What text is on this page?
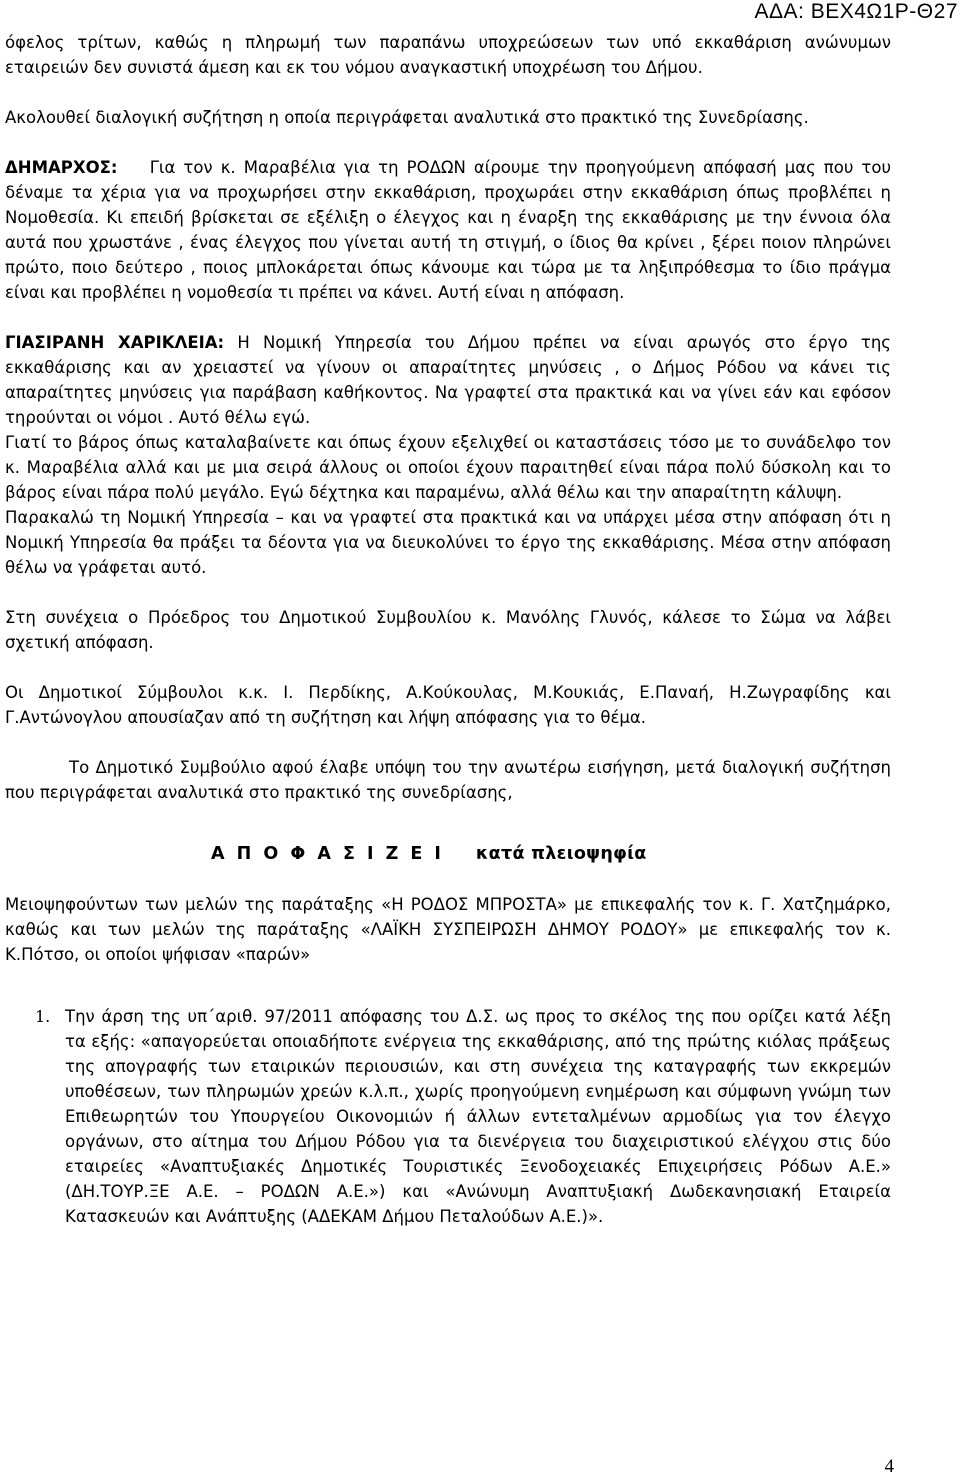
ΑΔΑ: ΒΕΧ4Ω1Ρ-Θ27

όφελος τρίτων, καθώς η πληρωμή των παραπάνω υποχρεώσεων των υπό εκκαθάριση ανώνυμων εταιρειών δεν συνιστά άμεση και εκ του νόμου αναγκαστική υποχρέωση του Δήμου.

Ακολουθεί διαλογική συζήτηση η οποία περιγράφεται αναλυτικά στο πρακτικό της Συνεδρίασης.

ΔΗΜΑΡΧΟΣ: Για τον κ. Μαραβέλια για τη ΡΟΔΩΝ αίρουμε την προηγούμενη απόφασή μας που του δέναμε τα χέρια για να προχωρήσει στην εκκαθάριση, προχωράει στην εκκαθάριση όπως προβλέπει η Νομοθεσία. Κι επειδή βρίσκεται σε εξέλιξη ο έλεγχος και η έναρξη της εκκαθάρισης με την έννοια όλα αυτά που χρωστάνε , ένας έλεγχος που γίνεται αυτή τη στιγμή, ο ίδιος θα κρίνει , ξέρει ποιον πληρώνει πρώτο, ποιο δεύτερο , ποιος μπλοκάρεται όπως κάνουμε και τώρα με τα ληξιπρόθεσμα το ίδιο πράγμα είναι και προβλέπει η νομοθεσία τι πρέπει να κάνει. Αυτή είναι η απόφαση.

ΓΙΑΣΙΡΑΝΗ ΧΑΡΙΚΛΕΙΑ: Η Νομική Υπηρεσία του Δήμου πρέπει να είναι αρωγός στο έργο της εκκαθάρισης και αν χρειαστεί να γίνουν οι απαραίτητες μηνύσεις , ο Δήμος Ρόδου να κάνει τις απαραίτητες μηνύσεις για παράβαση καθήκοντος. Να γραφτεί στα πρακτικά και να γίνει εάν και εφόσον τηρούνται οι νόμοι . Αυτό θέλω εγώ.

Γιατί το βάρος όπως καταλαβαίνετε και όπως έχουν εξελιχθεί οι καταστάσεις τόσο με το συνάδελφο τον κ. Μαραβέλια αλλά και με μια σειρά άλλους οι οποίοι έχουν παραιτηθεί είναι πάρα πολύ δύσκολη και το βάρος είναι πάρα πολύ μεγάλο. Εγώ δέχτηκα και παραμένω, αλλά θέλω και την απαραίτητη κάλυψη.

Παρακαλώ τη Νομική Υπηρεσία – και να γραφτεί στα πρακτικά και να υπάρχει μέσα στην απόφαση ότι η Νομική Υπηρεσία θα πράξει τα δέοντα για να διευκολύνει το έργο της εκκαθάρισης. Μέσα στην απόφαση θέλω να γράφεται αυτό.

Στη συνέχεια ο Πρόεδρος του Δημοτικού Συμβουλίου κ. Μανόλης Γλυνός, κάλεσε το Σώμα να λάβει σχετική απόφαση.

Οι Δημοτικοί Σύμβουλοι κ.κ. Ι. Περδίκης, Α.Κούκουλας, Μ.Κουκιάς, Ε.Παναή, Η.Ζωγραφίδης και Γ.Αντώνογλου απουσίαζαν από τη συζήτηση και λήψη απόφασης για το θέμα.

Το Δημοτικό Συμβούλιο αφού έλαβε υπόψη του την ανωτέρω εισήγηση, μετά διαλογική συζήτηση που περιγράφεται αναλυτικά στο πρακτικό της συνεδρίασης,

Α Π Ο Φ Α Σ Ι Ζ Ε Ι κατά πλειοψηφία

Μειοψηφούντων των μελών της παράταξης «Η ΡΟΔΟΣ ΜΠΡΟΣΤΑ» με επικεφαλής τον κ. Γ. Χατζημάρκο, καθώς και των μελών της παράταξης «ΛΑΪΚΗ ΣΥΣΠΕΙΡΩΣΗ ΔΗΜΟΥ ΡΟΔΟΥ» με επικεφαλής τον κ. Κ.Πότσο, οι οποίοι ψήφισαν «παρών»

1. Την άρση της υπ΄αριθ. 97/2011 απόφασης του Δ.Σ. ως προς το σκέλος της που ορίζει κατά λέξη τα εξής: «απαγορεύεται οποιαδήποτε ενέργεια της εκκαθάρισης, από της πρώτης κιόλας πράξεως της απογραφής των εταιρικών περιουσιών, και στη συνέχεια της καταγραφής των εκκρεμών υποθέσεων, των πληρωμών χρεών κ.λ.π., χωρίς προηγούμενη ενημέρωση και σύμφωνη γνώμη των Επιθεωρητών του Υπουργείου Οικονομιών ή άλλων εντεταλμένων αρμοδίως για τον έλεγχο οργάνων, στο αίτημα του Δήμου Ρόδου για τα διενέργεια του διαχειριστικού ελέγχου στις δύο εταιρείες «Αναπτυξιακές Δημοτικές Τουριστικές Ξενοδοχειακές Επιχειρήσεις Ρόδων Α.Ε.» (ΔΗ.ΤΟΥΡ.ΞΕ Α.Ε. – ΡΟΔΩΝ Α.Ε.») και «Ανώνυμη Αναπτυξιακή Δωδεκανησιακή Εταιρεία Κατασκευών και Ανάπτυξης (ΑΔΕΚΑΜ Δήμου Πεταλούδων Α.Ε.)».
4
